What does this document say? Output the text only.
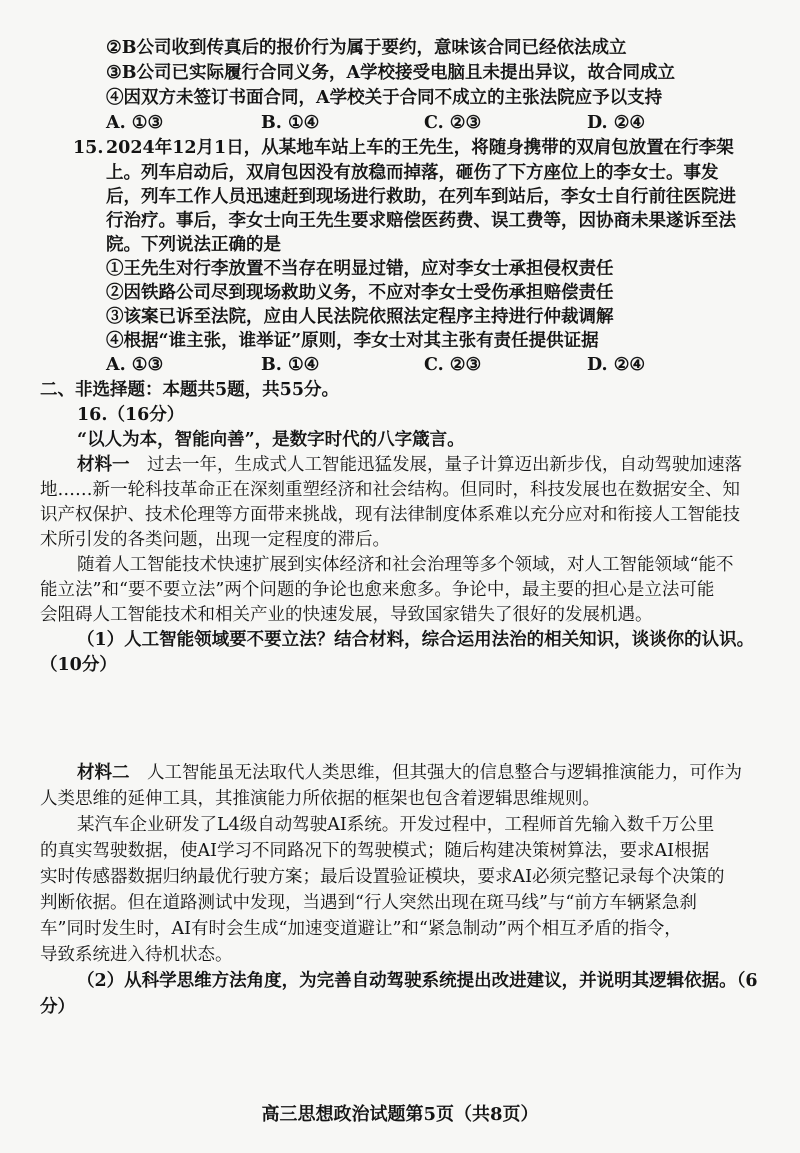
②B公司收到传真后的报价行为属于要约，意味该合同已经依法成立
③B公司已实际履行合同义务，A学校接受电脑且未提出异议，故合同成立
④因双方未签订书面合同，A学校关于合同不成立的主张法院应予以支持
A. ①③	B. ①④	C. ②③	D. ②④
15. 2024年12月1日，从某地车站上车的王先生，将随身携带的双肩包放置在行李架
上。列车启动后，双肩包因没有放稳而掉落，砸伤了下方座位上的李女士。事发
后，列车工作人员迅速赶到现场进行救助，在列车到站后，李女士自行前往医院进
行治疗。事后，李女士向王先生要求赔偿医药费、误工费等，因协商未果遂诉至法
院。下列说法正确的是
①王先生对行李放置不当存在明显过错，应对李女士承担侵权责任
②因铁路公司尽到现场救助义务，不应对李女士受伤承担赔偿责任
③该案已诉至法院，应由人民法院依照法定程序主持进行仲裁调解
④根据“谁主张，谁举证”原则，李女士对其主张有责任提供证据
A. ①③	B. ①④	C. ②③	D. ②④
二、非选择题：本题共5题，共55分。
16.（16分）
“以人为本，智能向善”，是数字时代的八字箴言。
材料一　 过去一年，生成式人工智能迅猛发展，量子计算迈出新步伐，自动驾驶加速落
地……新一轮科技革命正在深刻重塑经济和社会结构。但同时，科技发展也在数据安全、知
识产权保护、技术伦理等方面带来挑战，现有法律制度体系难以充分应对和衔接人工智能技
术所引发的各类问题，出现一定程度的滞后。
随着人工智能技术快速扩展到实体经济和社会治理等多个领域，对人工智能领域“能不
能立法”和“要不要立法”两个问题的争论也愈来愈多。争论中，最主要的担心是立法可能
会阻碍人工智能技术和相关产业的快速发展，导致国家错失了很好的发展机遇。
（1）人工智能领域要不要立法？结合材料，综合运用法治的相关知识，谈谈你的认识。
（10分）
材料二　 人工智能虽无法取代人类思维，但其强大的信息整合与逻辑推演能力，可作为
人类思维的延伸工具，其推演能力所依据的框架也包含着逻辑思维规则。
某汽车企业研发了L4级自动驾驶AI系统。开发过程中，工程师首先输入数千万公里
的真实驾驶数据，使AI学习不同路况下的驾驶模式；随后构建决策树算法，要求AI根据
实时传感器数据归纳最优行驶方案；最后设置验证模块，要求AI必须完整记录每个决策的
判断依据。但在道路测试中发现，当遇到“行人突然出现在斑马线”与“前方车辆紧急刹
车”同时发生时，AI有时会生成“加速变道避让”和“紧急制动”两个相互矛盾的指令，
导致系统进入待机状态。
（2）从科学思维方法角度，为完善自动驾驶系统提出改进建议，并说明其逻辑依据。（6
分）
高三思想政治试题第5页（共8页）
